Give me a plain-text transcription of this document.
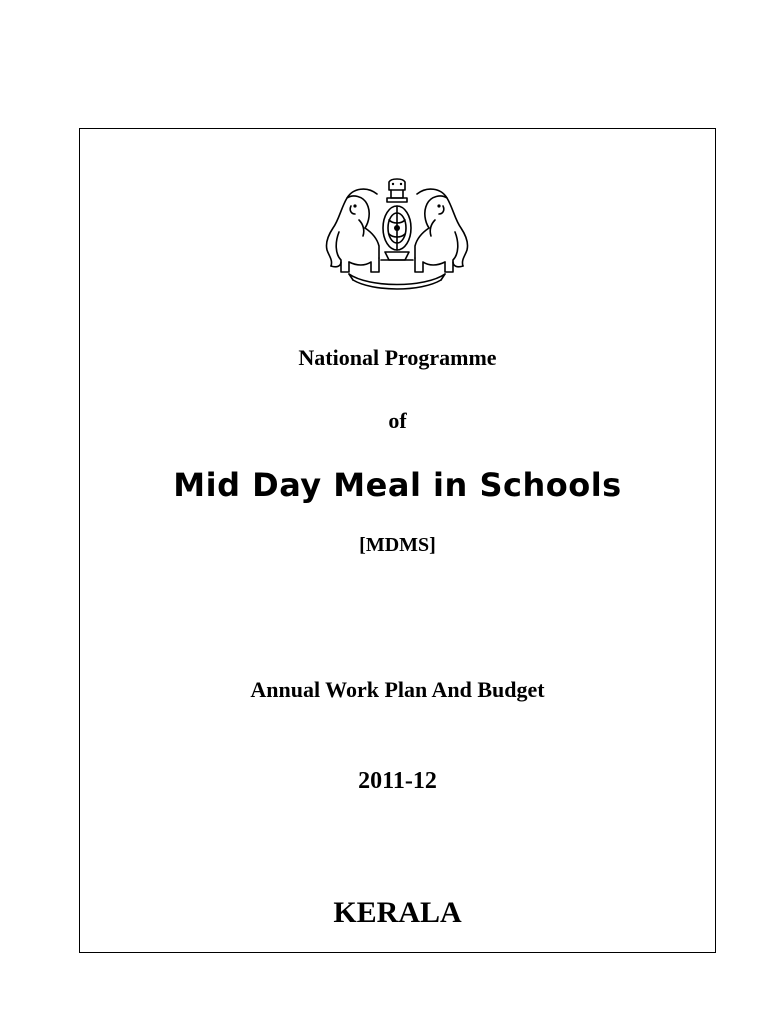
National Programme
of
Mid Day Meal in Schools
[MDMS]
Annual Work Plan And Budget
2011-12
KERALA
